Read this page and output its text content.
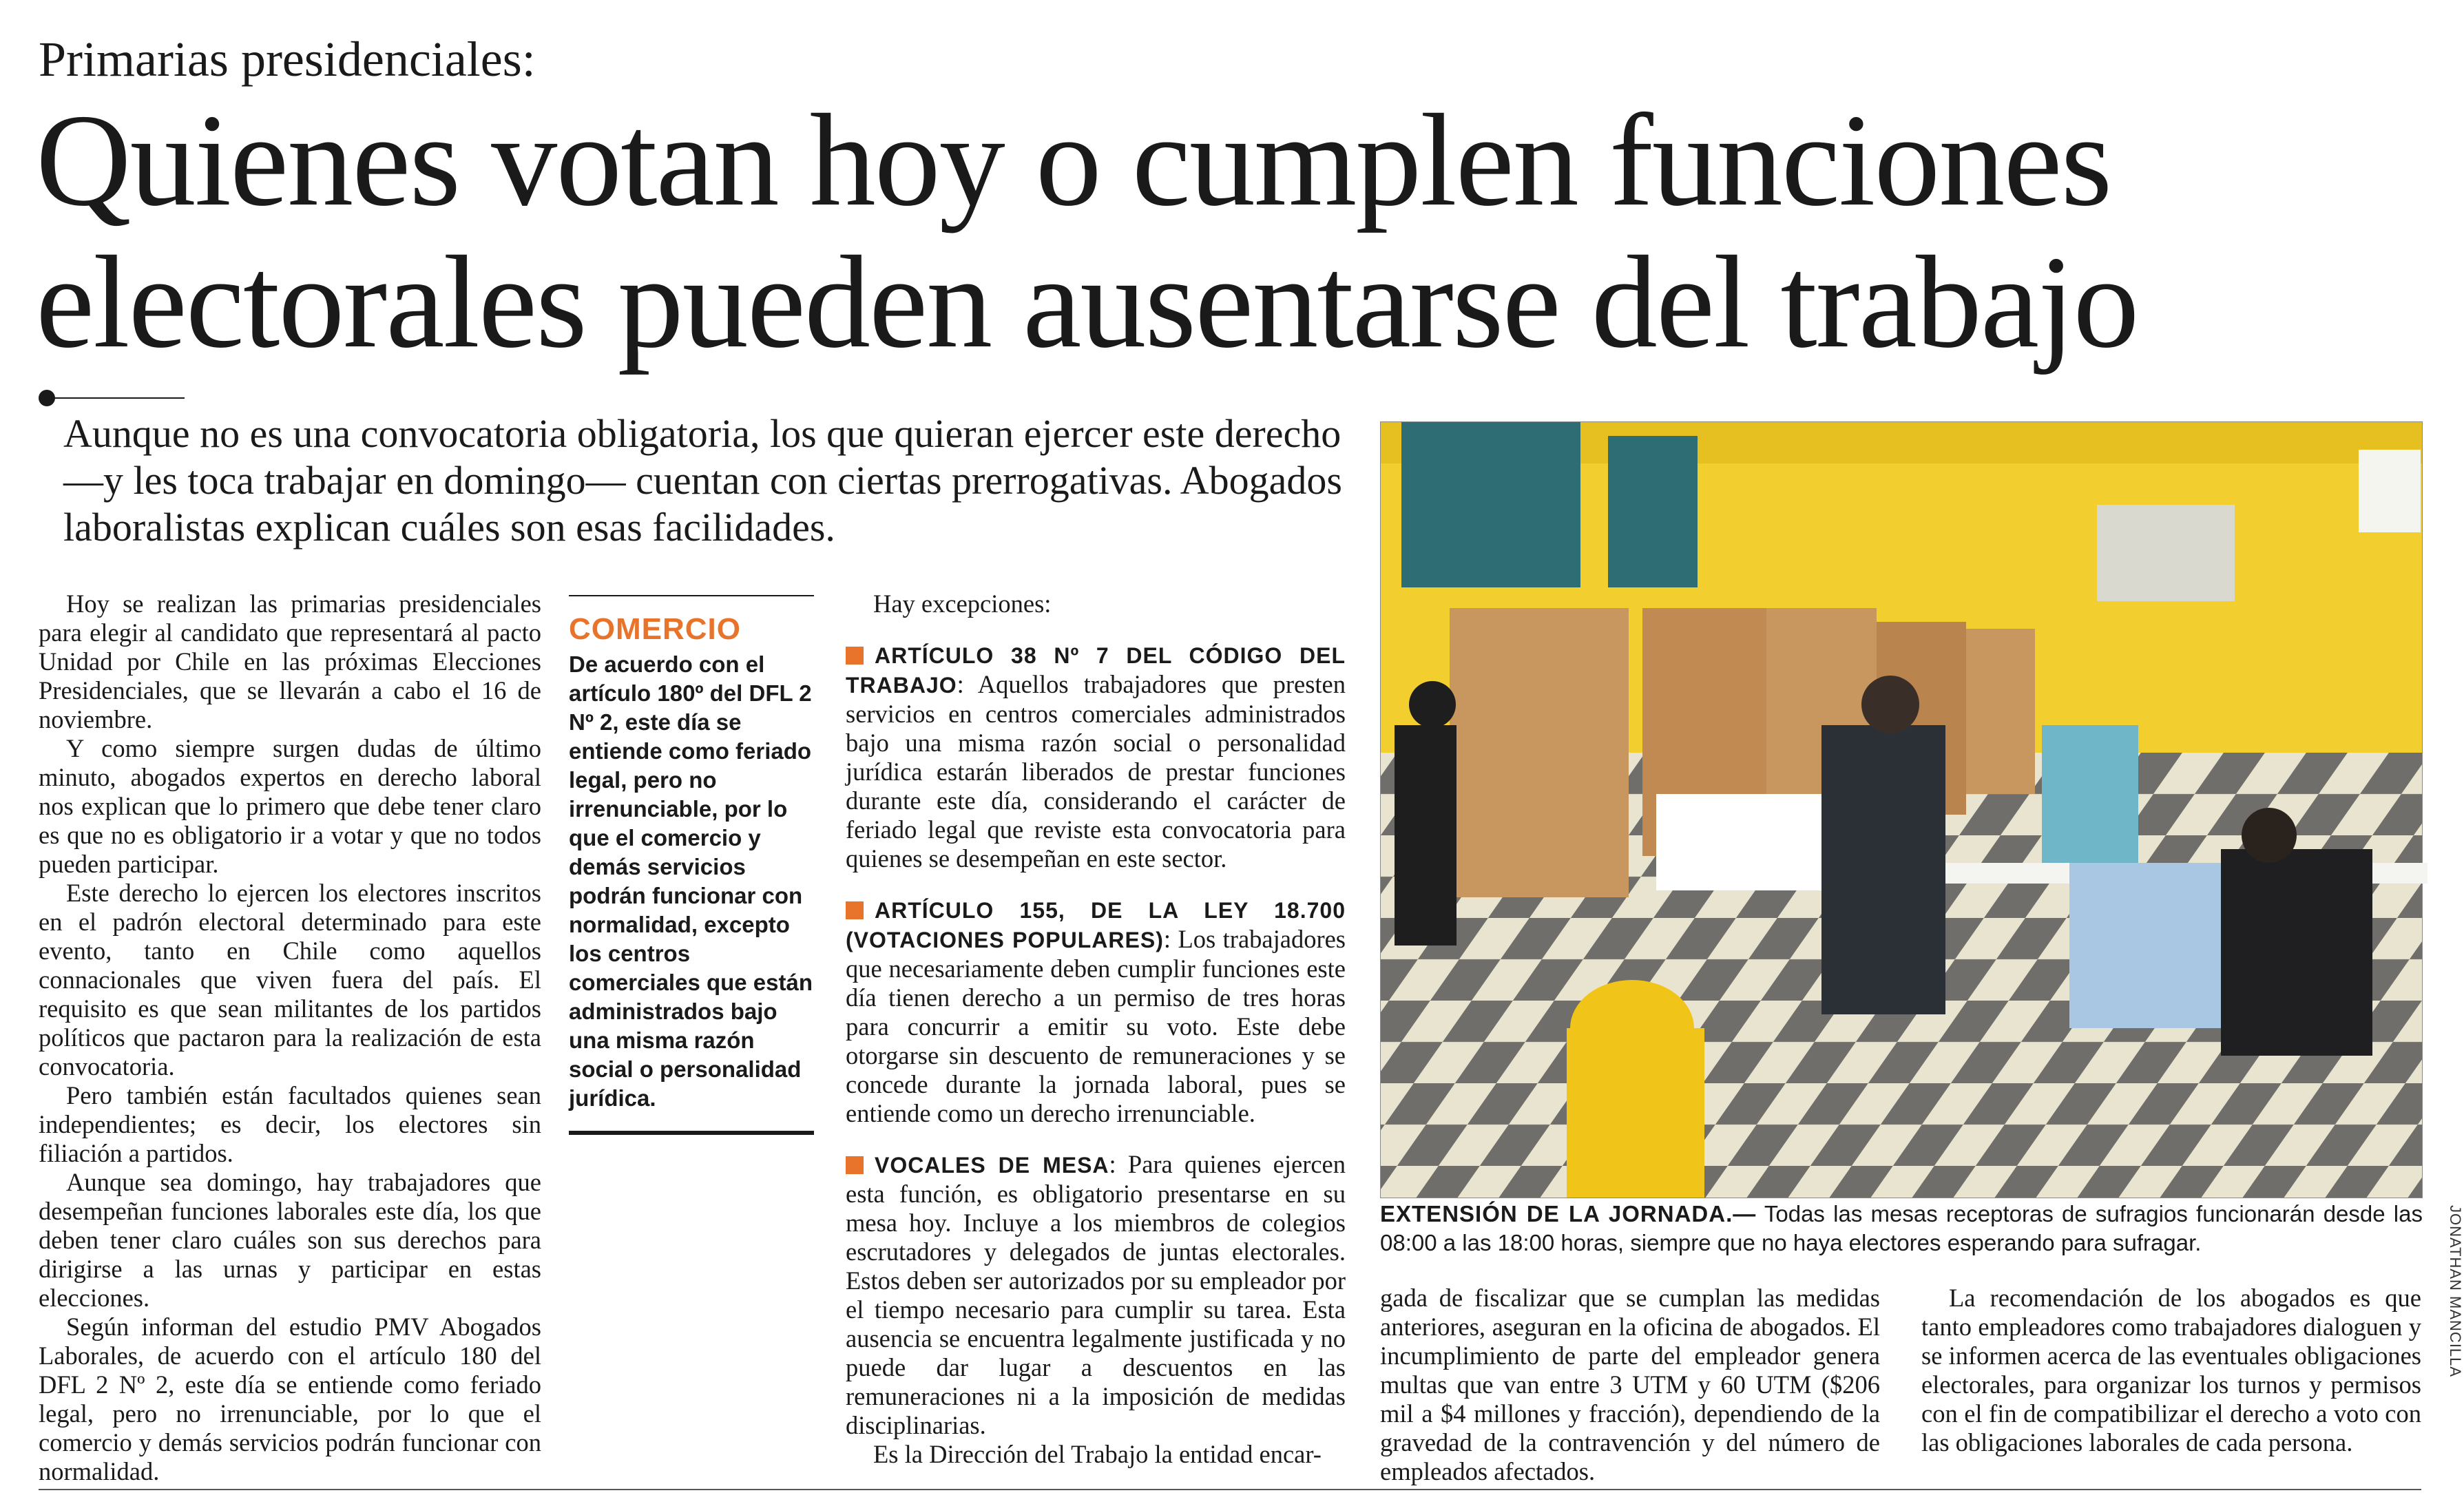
Primarias presidenciales:
Quienes votan hoy o cumplen funciones
electorales pueden ausentarse del trabajo
Aunque no es una convocatoria obligatoria, los que quieran ejercer este derecho —y les toca trabajar en domingo— cuentan con ciertas prerrogativas. Abogados laboralistas explican cuáles son esas facilidades.

Hoy se realizan las primarias presidenciales para elegir al candidato que representará al pacto Unidad por Chile en las próximas Elecciones Presidenciales, que se llevarán a cabo el 16 de noviembre.

Y como siempre surgen dudas de último minuto, abogados expertos en derecho laboral nos explican que lo primero que debe tener claro es que no es obligatorio ir a votar y que no todos pueden participar.

Este derecho lo ejercen los electores inscritos en el padrón electoral determinado para este evento, tanto en Chile como aquellos connacionales que viven fuera del país. El requisito es que sean militantes de los partidos políticos que pactaron para la realización de esta convocatoria.

Pero también están facultados quienes sean independientes; es decir, los electores sin filiación a partidos.

Aunque sea domingo, hay trabajadores que desempeñan funciones laborales este día, los que deben tener claro cuáles son sus derechos para dirigirse a las urnas y participar en estas elecciones.

Según informan del estudio PMV Abogados Laborales, de acuerdo con el artículo 180 del DFL 2 Nº 2, este día se entiende como feriado legal, pero no irrenunciable, por lo que el comercio y demás servicios podrán funcionar con normalidad.

COMERCIO
De acuerdo con el artículo 180º del DFL 2 Nº 2, este día se entiende como feriado legal, pero no irrenunciable, por lo que el comercio y demás servicios podrán funcionar con normalidad, excepto los centros comerciales que están administrados bajo una misma razón social o personalidad jurídica.

Hay excepciones:

ARTÍCULO 38 Nº 7 DEL CÓDIGO DEL TRABAJO: Aquellos trabajadores que presten servicios en centros comerciales administrados bajo una misma razón social o personalidad jurídica estarán liberados de prestar funciones durante este día, considerando el carácter de feriado legal que reviste esta convocatoria para quienes se desempeñan en este sector.

ARTÍCULO 155, DE LA LEY 18.700 (VOTACIONES POPULARES): Los trabajadores que necesariamente deben cumplir funciones este día tienen derecho a un permiso de tres horas para concurrir a emitir su voto. Este debe otorgarse sin descuento de remuneraciones y se concede durante la jornada laboral, pues se entiende como un derecho irrenunciable.

VOCALES DE MESA: Para quienes ejercen esta función, es obligatorio presentarse en su mesa hoy. Incluye a los miembros de colegios escrutadores y delegados de juntas electorales. Estos deben ser autorizados por su empleador por el tiempo necesario para cumplir su tarea. Esta ausencia se encuentra legalmente justificada y no puede dar lugar a descuentos en las remuneraciones ni a la imposición de medidas disciplinarias.

Es la Dirección del Trabajo la entidad encar-

JONATHAN MANCILLA
EXTENSIÓN DE LA JORNADA.— Todas las mesas receptoras de sufragios funcionarán desde las 08:00 a las 18:00 horas, siempre que no haya electores esperando para sufragar.

gada de fiscalizar que se cumplan las medidas anteriores, aseguran en la oficina de abogados. El incumplimiento de parte del empleador genera multas que van entre 3 UTM y 60 UTM ($206 mil a $4 millones y fracción), dependiendo de la gravedad de la contravención y del número de empleados afectados.

La recomendación de los abogados es que tanto empleadores como trabajadores dialoguen y se informen acerca de las eventuales obligaciones electorales, para organizar los turnos y permisos con el fin de compatibilizar el derecho a voto con las obligaciones laborales de cada persona.
